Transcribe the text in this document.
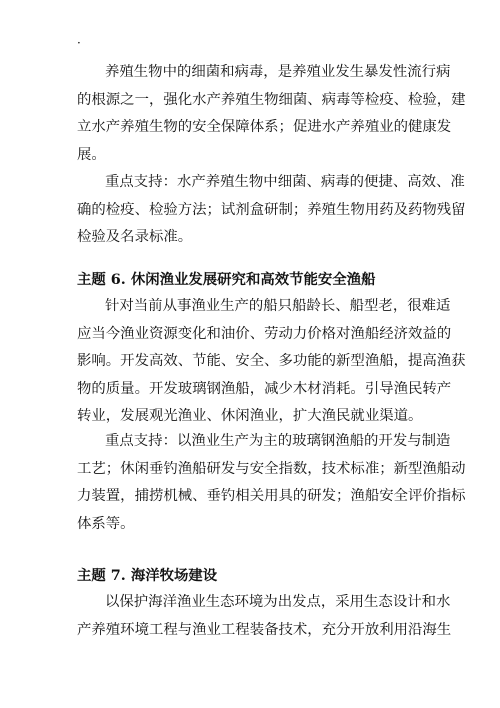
·
养殖生物中的细菌和病毒，是养殖业发生暴发性流行病
的根源之一，强化水产养殖生物细菌、病毒等检疫、检验，建
立水产养殖生物的安全保障体系；促进水产养殖业的健康发
展。
重点支持：水产养殖生物中细菌、病毒的便捷、高效、准
确的检疫、检验方法；试剂盒研制；养殖生物用药及药物残留
检验及名录标准。
主题 6. 休闲渔业发展研究和高效节能安全渔船
针对当前从事渔业生产的船只船龄长、船型老，很难适
应当今渔业资源变化和油价、劳动力价格对渔船经济效益的
影响。开发高效、节能、安全、多功能的新型渔船，提高渔获
物的质量。开发玻璃钢渔船，减少木材消耗。引导渔民转产
转业，发展观光渔业、休闲渔业，扩大渔民就业渠道。
重点支持：以渔业生产为主的玻璃钢渔船的开发与制造
工艺；休闲垂钓渔船研发与安全指数，技术标准；新型渔船动
力装置，捕捞机械、垂钓相关用具的研发；渔船安全评价指标
体系等。
主题 7. 海洋牧场建设
以保护海洋渔业生态环境为出发点，采用生态设计和水
产养殖环境工程与渔业工程装备技术，充分开放利用沿海生
